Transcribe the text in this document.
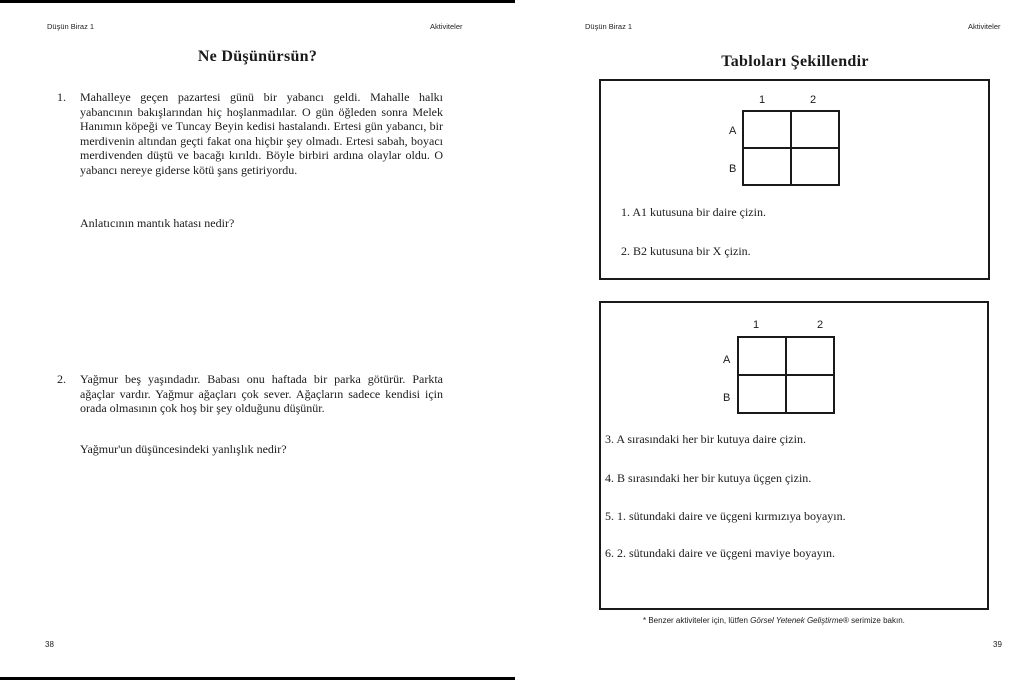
Düşün Biraz 1	Aktiviteler
Ne Düşünürsün?
1. Mahalleye geçen pazartesi günü bir yabancı geldi. Mahalle halkı yabancının bakışlarından hiç hoşlanmadılar. O gün öğleden sonra Melek Hanımın köpeği ve Tuncay Beyin kedisi hastalandı. Ertesi gün yabancı, bir merdivenin altından geçti fakat ona hiçbir şey olmadı. Ertesi sabah, boyacı merdivenden düştü ve bacağı kırıldı. Böyle birbiri ardına olaylar oldu. O yabancı nereye giderse kötü şans getiriyordu.
Anlatıcının mantık hatası nedir?
2. Yağmur beş yaşındadır. Babası onu haftada bir parka götürür. Parkta ağaçlar vardır. Yağmur ağaçları çok sever. Ağaçların sadece kendisi için orada olmasının çok hoş bir şey olduğunu düşünür.
Yağmur'un düşüncesindeki yanlışlık nedir?
38
Düşün Biraz 1	Aktiviteler
Tabloları Şekillendir
1	2
A
B
1. A1 kutusuna bir daire çizin.
2. B2 kutusuna bir X çizin.
1	2
A
B
3. A sırasındaki her bir kutuya daire çizin.
4. B sırasındaki her bir kutuya üçgen çizin.
5. 1. sütundaki daire ve üçgeni kırmızıya boyayın.
6. 2. sütundaki daire ve üçgeni maviye boyayın.
* Benzer aktiviteler için, lütfen Görsel Yetenek Geliştirme® serimize bakın.
39
